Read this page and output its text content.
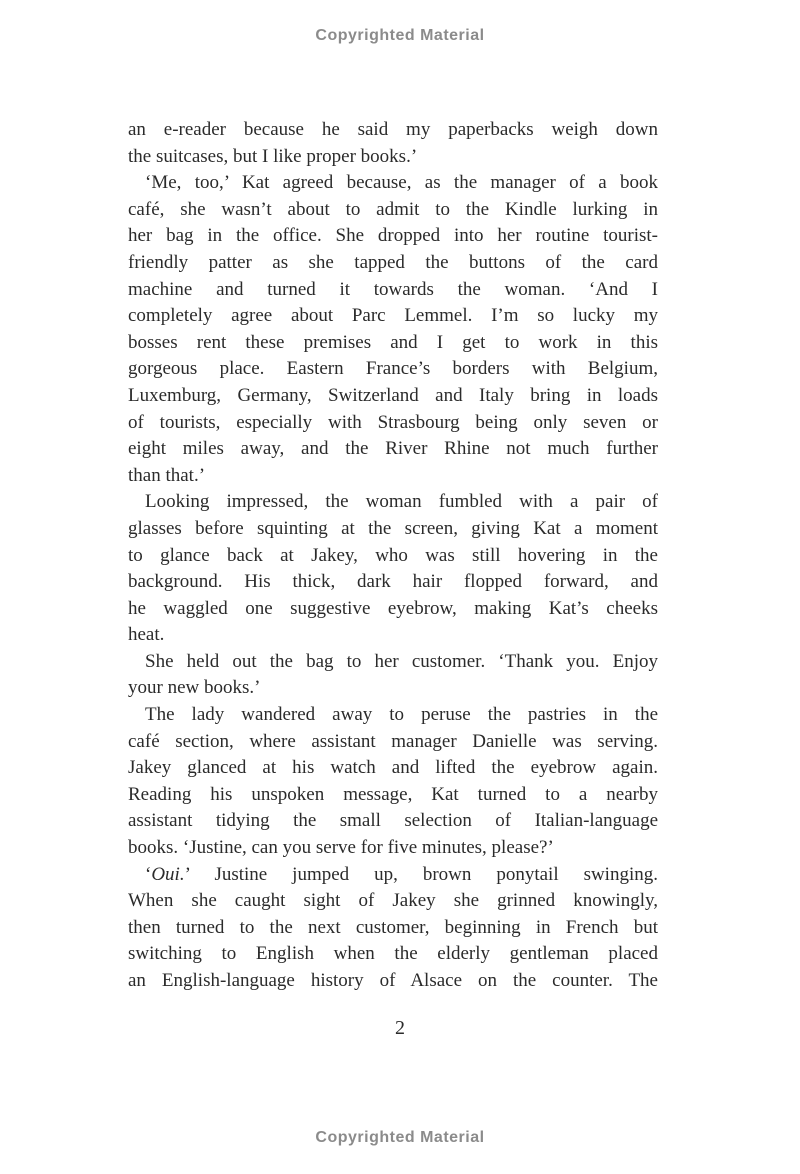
Copyrighted Material
an e-reader because he said my paperbacks weigh down
the suitcases, but I like proper books.’
‘Me, too,’ Kat agreed because, as the manager of a book
café, she wasn’t about to admit to the Kindle lurking in
her bag in the office. She dropped into her routine tourist-
friendly patter as she tapped the buttons of the card
machine and turned it towards the woman. ‘And I
completely agree about Parc Lemmel. I’m so lucky my
bosses rent these premises and I get to work in this
gorgeous place. Eastern France’s borders with Belgium,
Luxemburg, Germany, Switzerland and Italy bring in loads
of tourists, especially with Strasbourg being only seven or
eight miles away, and the River Rhine not much further
than that.’
Looking impressed, the woman fumbled with a pair of
glasses before squinting at the screen, giving Kat a moment
to glance back at Jakey, who was still hovering in the
background. His thick, dark hair flopped forward, and
he waggled one suggestive eyebrow, making Kat’s cheeks
heat.
She held out the bag to her customer. ‘Thank you. Enjoy
your new books.’
The lady wandered away to peruse the pastries in the
café section, where assistant manager Danielle was serving.
Jakey glanced at his watch and lifted the eyebrow again.
Reading his unspoken message, Kat turned to a nearby
assistant tidying the small selection of Italian-language
books. ‘Justine, can you serve for five minutes, please?’
‘Oui.’ Justine jumped up, brown ponytail swinging.
When she caught sight of Jakey she grinned knowingly,
then turned to the next customer, beginning in French but
switching to English when the elderly gentleman placed
an English-language history of Alsace on the counter. The
2
Copyrighted Material
